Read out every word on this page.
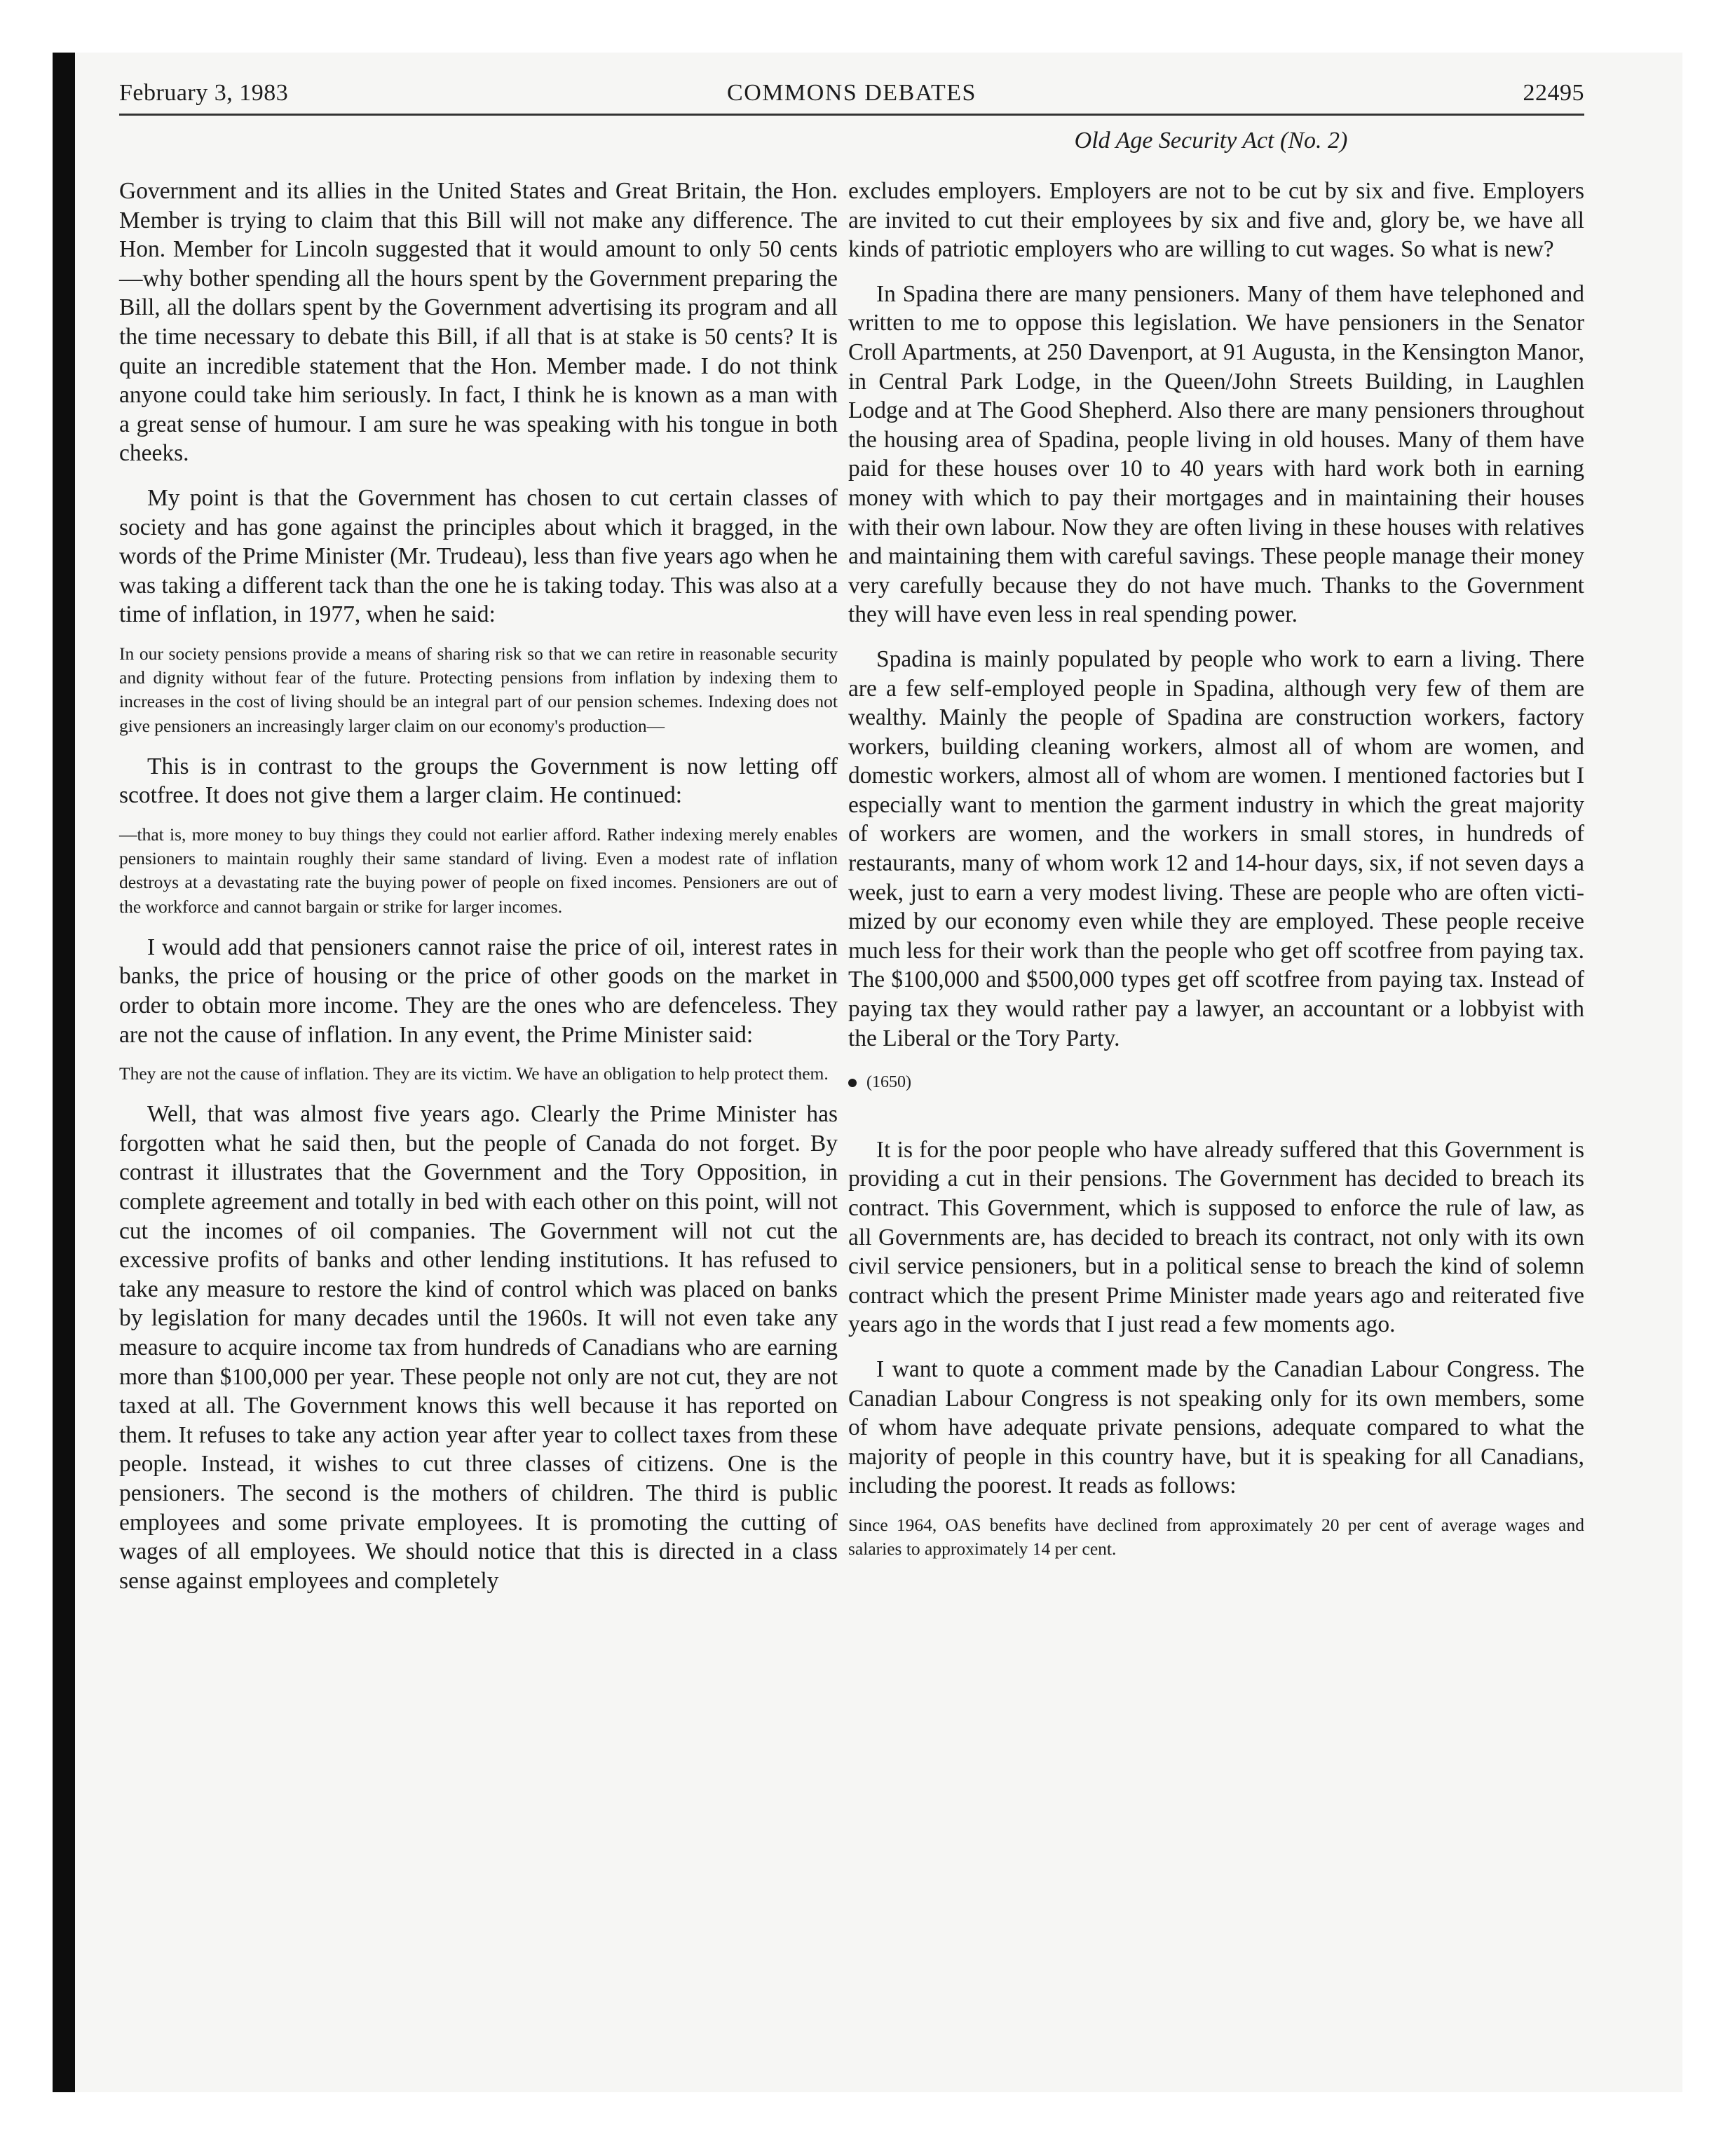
February 3, 1983	COMMONS DEBATES	22495
Old Age Security Act (No. 2)

Government and its allies in the United States and Great Britain, the Hon. Member is trying to claim that this Bill will not make any difference. The Hon. Member for Lincoln suggested that it would amount to only 50 cents—why bother spending all the hours spent by the Government preparing the Bill, all the dollars spent by the Government advertising its program and all the time necessary to debate this Bill, if all that is at stake is 50 cents? It is quite an incredible statement that the Hon. Member made. I do not think anyone could take him seriously. In fact, I think he is known as a man with a great sense of humour. I am sure he was speaking with his tongue in both cheeks.

My point is that the Government has chosen to cut certain classes of society and has gone against the principles about which it bragged, in the words of the Prime Minister (Mr. Trudeau), less than five years ago when he was taking a different tack than the one he is taking today. This was also at a time of inflation, in 1977, when he said:

In our society pensions provide a means of sharing risk so that we can retire in reasonable security and dignity without fear of the future. Protecting pensions from inflation by indexing them to increases in the cost of living should be an integral part of our pension schemes. Indexing does not give pensioners an increasingly larger claim on our economy's production—

This is in contrast to the groups the Government is now letting off scotfree. It does not give them a larger claim. He continued:

—that is, more money to buy things they could not earlier afford. Rather indexing merely enables pensioners to maintain roughly their same standard of living. Even a modest rate of inflation destroys at a devastating rate the buying power of people on fixed incomes. Pensioners are out of the workforce and cannot bargain or strike for larger incomes.

I would add that pensioners cannot raise the price of oil, interest rates in banks, the price of housing or the price of other goods on the market in order to obtain more income. They are the ones who are defenceless. They are not the cause of inflation. In any event, the Prime Minister said:

They are not the cause of inflation. They are its victim. We have an obligation to help protect them.

Well, that was almost five years ago. Clearly the Prime Minister has forgotten what he said then, but the people of Canada do not forget. By contrast it illustrates that the Government and the Tory Opposition, in complete agreement and totally in bed with each other on this point, will not cut the incomes of oil companies. The Government will not cut the excessive profits of banks and other lending institutions. It has refused to take any measure to restore the kind of control which was placed on banks by legislation for many decades until the 1960s. It will not even take any measure to acquire income tax from hundreds of Canadians who are earning more than $100,000 per year. These people not only are not cut, they are not taxed at all. The Government knows this well because it has reported on them. It refuses to take any action year after year to collect taxes from these people. Instead, it wishes to cut three classes of citizens. One is the pensioners. The second is the mothers of children. The third is public employees and some private employees. It is promoting the cutting of wages of all employees. We should notice that this is directed in a class sense against employees and completely

excludes employers. Employers are not to be cut by six and five. Employers are invited to cut their employees by six and five and, glory be, we have all kinds of patriotic employers who are willing to cut wages. So what is new?

In Spadina there are many pensioners. Many of them have telephoned and written to me to oppose this legislation. We have pensioners in the Senator Croll Apartments, at 250 Davenport, at 91 Augusta, in the Kensington Manor, in Central Park Lodge, in the Queen/John Streets Building, in Laughlen Lodge and at The Good Shepherd. Also there are many pensioners throughout the housing area of Spadina, people living in old houses. Many of them have paid for these houses over 10 to 40 years with hard work both in earning money with which to pay their mortgages and in maintaining their houses with their own labour. Now they are often living in these houses with relatives and maintaining them with careful savings. These people manage their money very carefully because they do not have much. Thanks to the Government they will have even less in real spending power.

Spadina is mainly populated by people who work to earn a living. There are a few self-employed people in Spadina, although very few of them are wealthy. Mainly the people of Spadina are construction workers, factory workers, building cleaning workers, almost all of whom are women, and domestic workers, almost all of whom are women. I mentioned factories but I especially want to mention the garment industry in which the great majority of workers are women, and the workers in small stores, in hundreds of restaurants, many of whom work 12 and 14-hour days, six, if not seven days a week, just to earn a very modest living. These are people who are often victimized by our economy even while they are employed. These people receive much less for their work than the people who get off scotfree from paying tax. The $100,000 and $500,000 types get off scotfree from paying tax. Instead of paying tax they would rather pay a lawyer, an accountant or a lobbyist with the Liberal or the Tory Party.

(1650)

It is for the poor people who have already suffered that this Government is providing a cut in their pensions. The Government has decided to breach its contract. This Government, which is supposed to enforce the rule of law, as all Governments are, has decided to breach its contract, not only with its own civil service pensioners, but in a political sense to breach the kind of solemn contract which the present Prime Minister made years ago and reiterated five years ago in the words that I just read a few moments ago.

I want to quote a comment made by the Canadian Labour Congress. The Canadian Labour Congress is not speaking only for its own members, some of whom have adequate private pensions, adequate compared to what the majority of people in this country have, but it is speaking for all Canadians, including the poorest. It reads as follows:

Since 1964, OAS benefits have declined from approximately 20 per cent of average wages and salaries to approximately 14 per cent.
